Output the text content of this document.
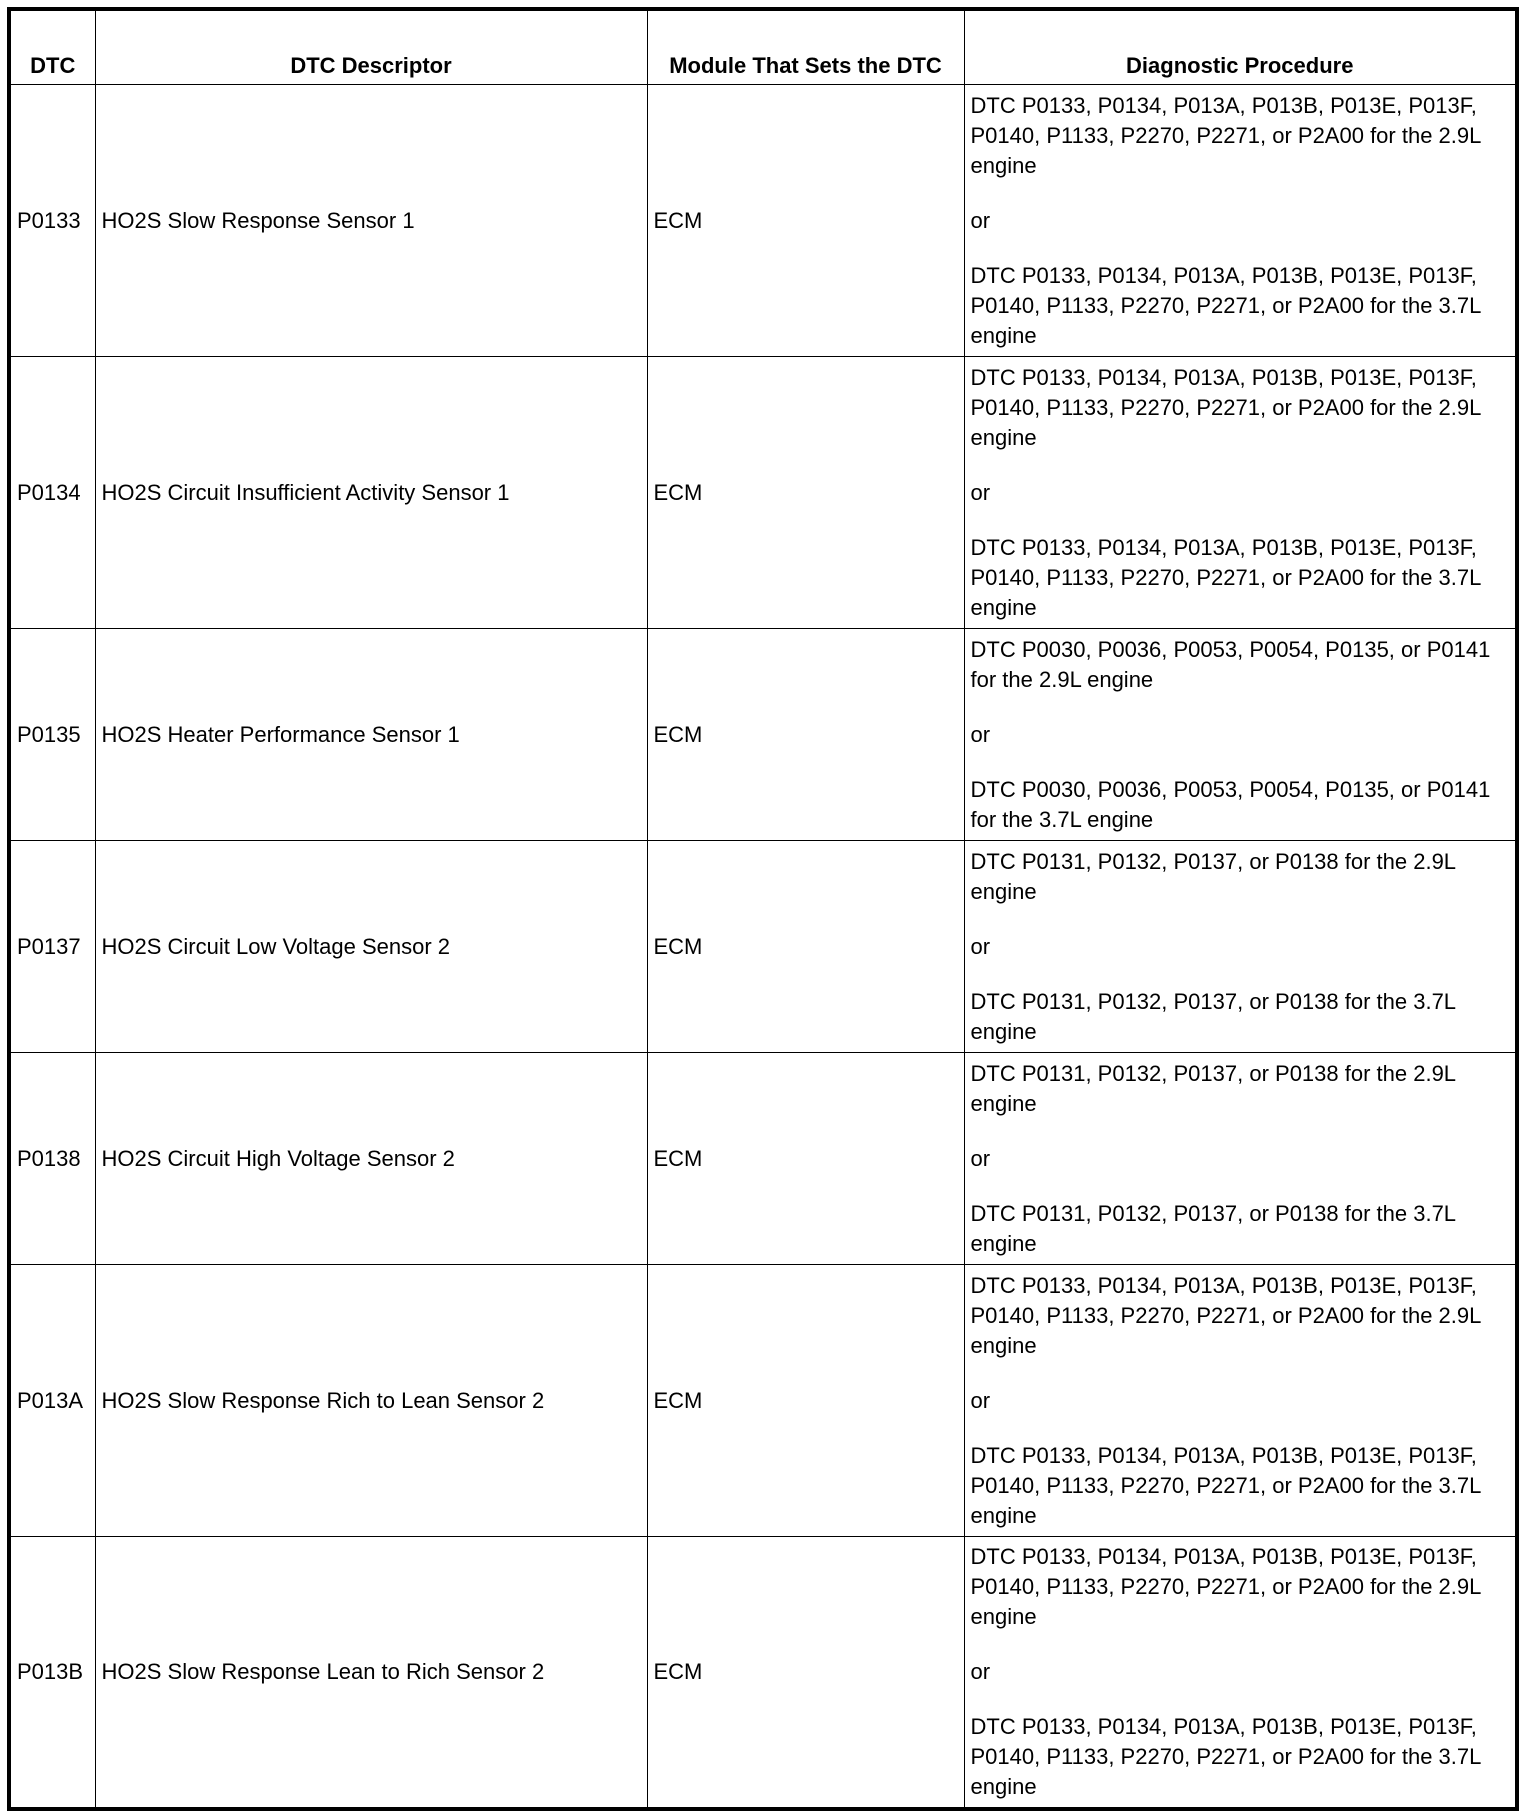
DTC	DTC Descriptor	Module That Sets the DTC	Diagnostic Procedure
P0133	HO2S Slow Response Sensor 1	ECM	DTC P0133, P0134, P013A, P013B, P013E, P013F, P0140, P1133, P2270, P2271, or P2A00 for the 2.9L engine
or
DTC P0133, P0134, P013A, P013B, P013E, P013F, P0140, P1133, P2270, P2271, or P2A00 for the 3.7L engine

P0134	HO2S Circuit Insufficient Activity Sensor 1	ECM	DTC P0133, P0134, P013A, P013B, P013E, P013F, P0140, P1133, P2270, P2271, or P2A00 for the 2.9L engine
or
DTC P0133, P0134, P013A, P013B, P013E, P013F, P0140, P1133, P2270, P2271, or P2A00 for the 3.7L engine

P0135	HO2S Heater Performance Sensor 1	ECM	DTC P0030, P0036, P0053, P0054, P0135, or P0141 for the 2.9L engine
or
DTC P0030, P0036, P0053, P0054, P0135, or P0141 for the 3.7L engine

P0137	HO2S Circuit Low Voltage Sensor 2	ECM	DTC P0131, P0132, P0137, or P0138 for the 2.9L engine
or
DTC P0131, P0132, P0137, or P0138 for the 3.7L engine

P0138	HO2S Circuit High Voltage Sensor 2	ECM	DTC P0131, P0132, P0137, or P0138 for the 2.9L engine
or
DTC P0131, P0132, P0137, or P0138 for the 3.7L engine

P013A	HO2S Slow Response Rich to Lean Sensor 2	ECM	DTC P0133, P0134, P013A, P013B, P013E, P013F, P0140, P1133, P2270, P2271, or P2A00 for the 2.9L engine
or
DTC P0133, P0134, P013A, P013B, P013E, P013F, P0140, P1133, P2270, P2271, or P2A00 for the 3.7L engine

P013B	HO2S Slow Response Lean to Rich Sensor 2	ECM	DTC P0133, P0134, P013A, P013B, P013E, P013F, P0140, P1133, P2270, P2271, or P2A00 for the 2.9L engine
or
DTC P0133, P0134, P013A, P013B, P013E, P013F, P0140, P1133, P2270, P2271, or P2A00 for the 3.7L engine
